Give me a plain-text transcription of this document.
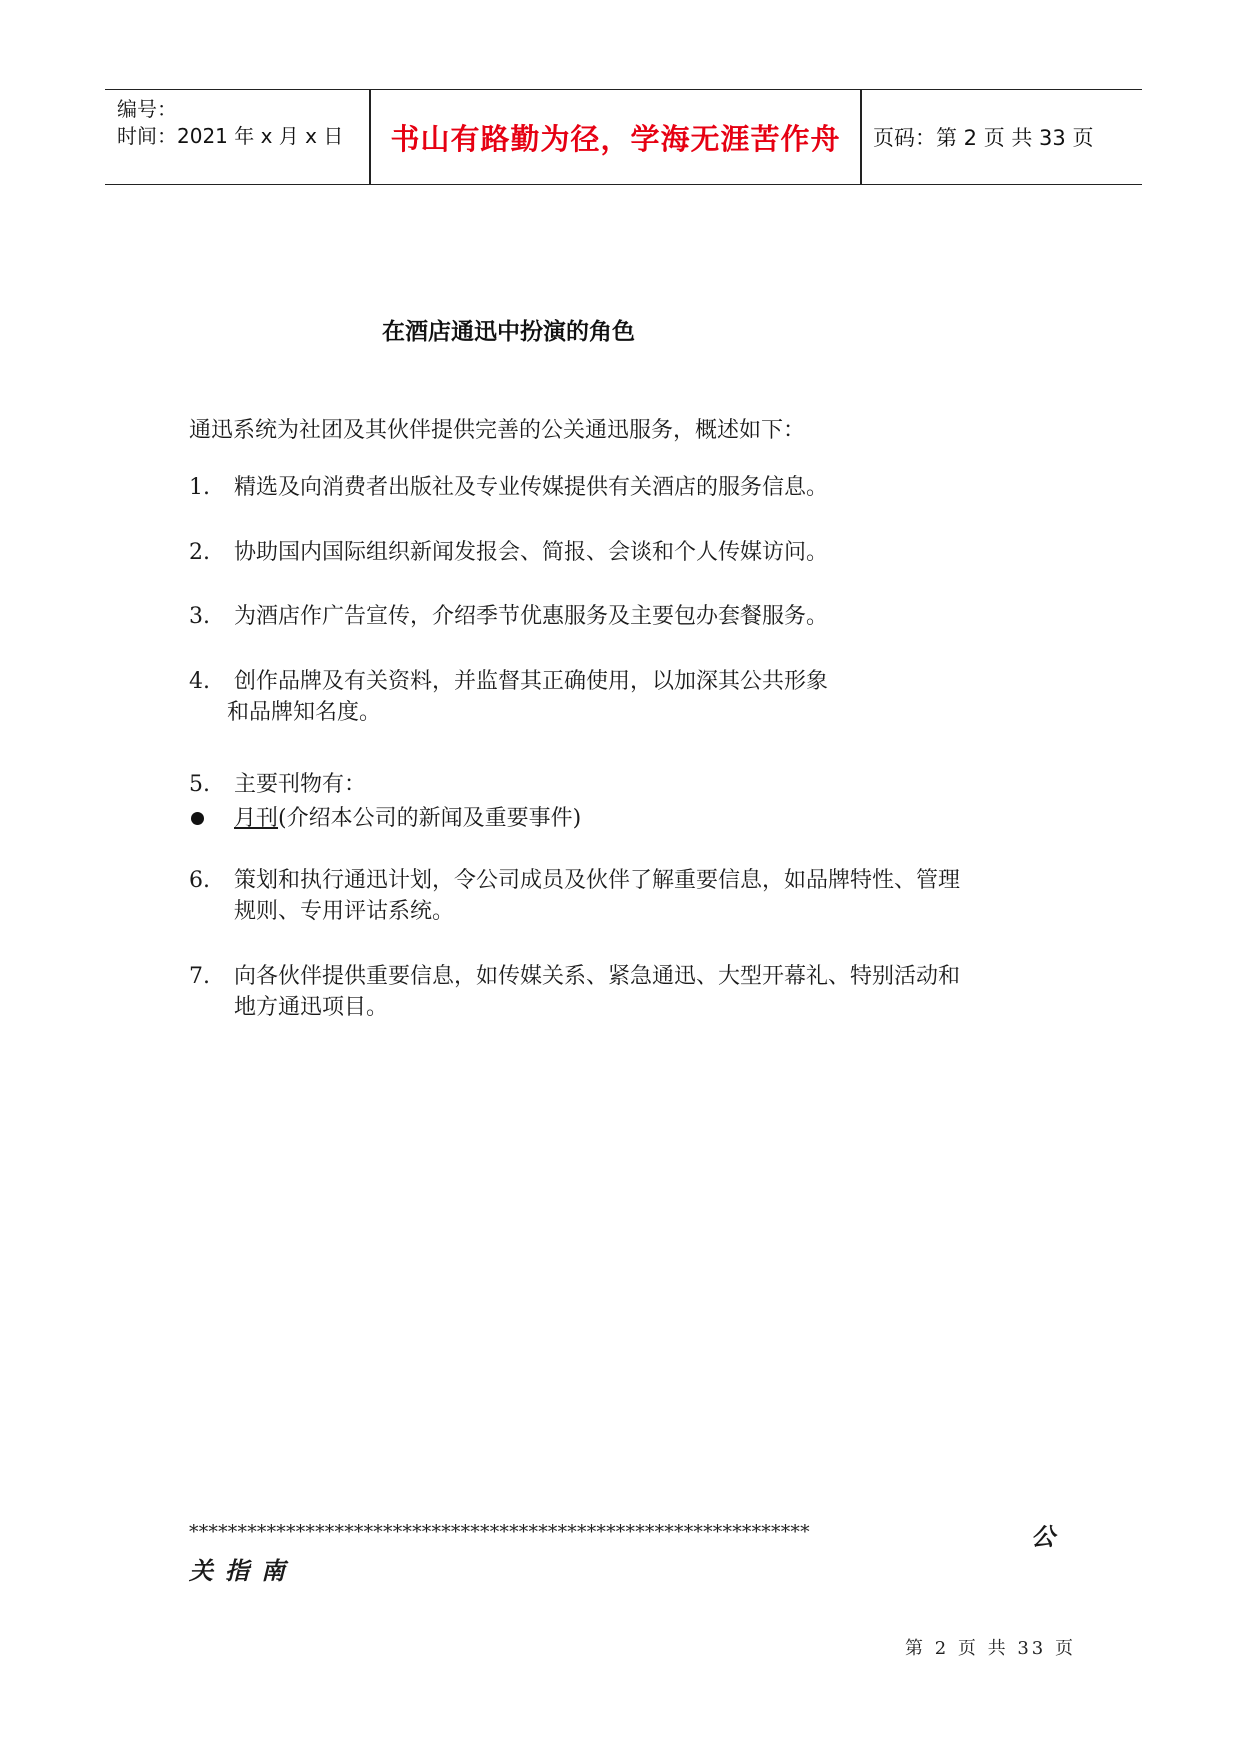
编号：
时间：2021 年 x 月 x 日	书山有路勤为径，学海无涯苦作舟	页码：第 2 页 共 33 页
在酒店通迅中扮演的角色
通迅系统为社团及其伙伴提供完善的公关通迅服务，概述如下：
1. 精选及向消费者出版社及专业传媒提供有关酒店的服务信息。
2. 协助国内国际组织新闻发报会、简报、会谈和个人传媒访问。
3. 为酒店作广告宣传，介绍季节优惠服务及主要包办套餐服务。
4. 创作品牌及有关资料，并监督其正确使用，以加深其公共形象
和品牌知名度。
5. 主要刊物有：
月刊 (介绍本公司的新闻及重要事件)
6. 策划和执行通迅计划，令公司成员及伙伴了解重要信息，如品牌特性、管理
规则、专用评诂系统。
7. 向各伙伴提供重要信息，如传媒关系、紧急通迅、大型开幕礼、特别活动和
地方通迅项目。
****************************************************************	公
关指南
第 2 页 共 33 页
